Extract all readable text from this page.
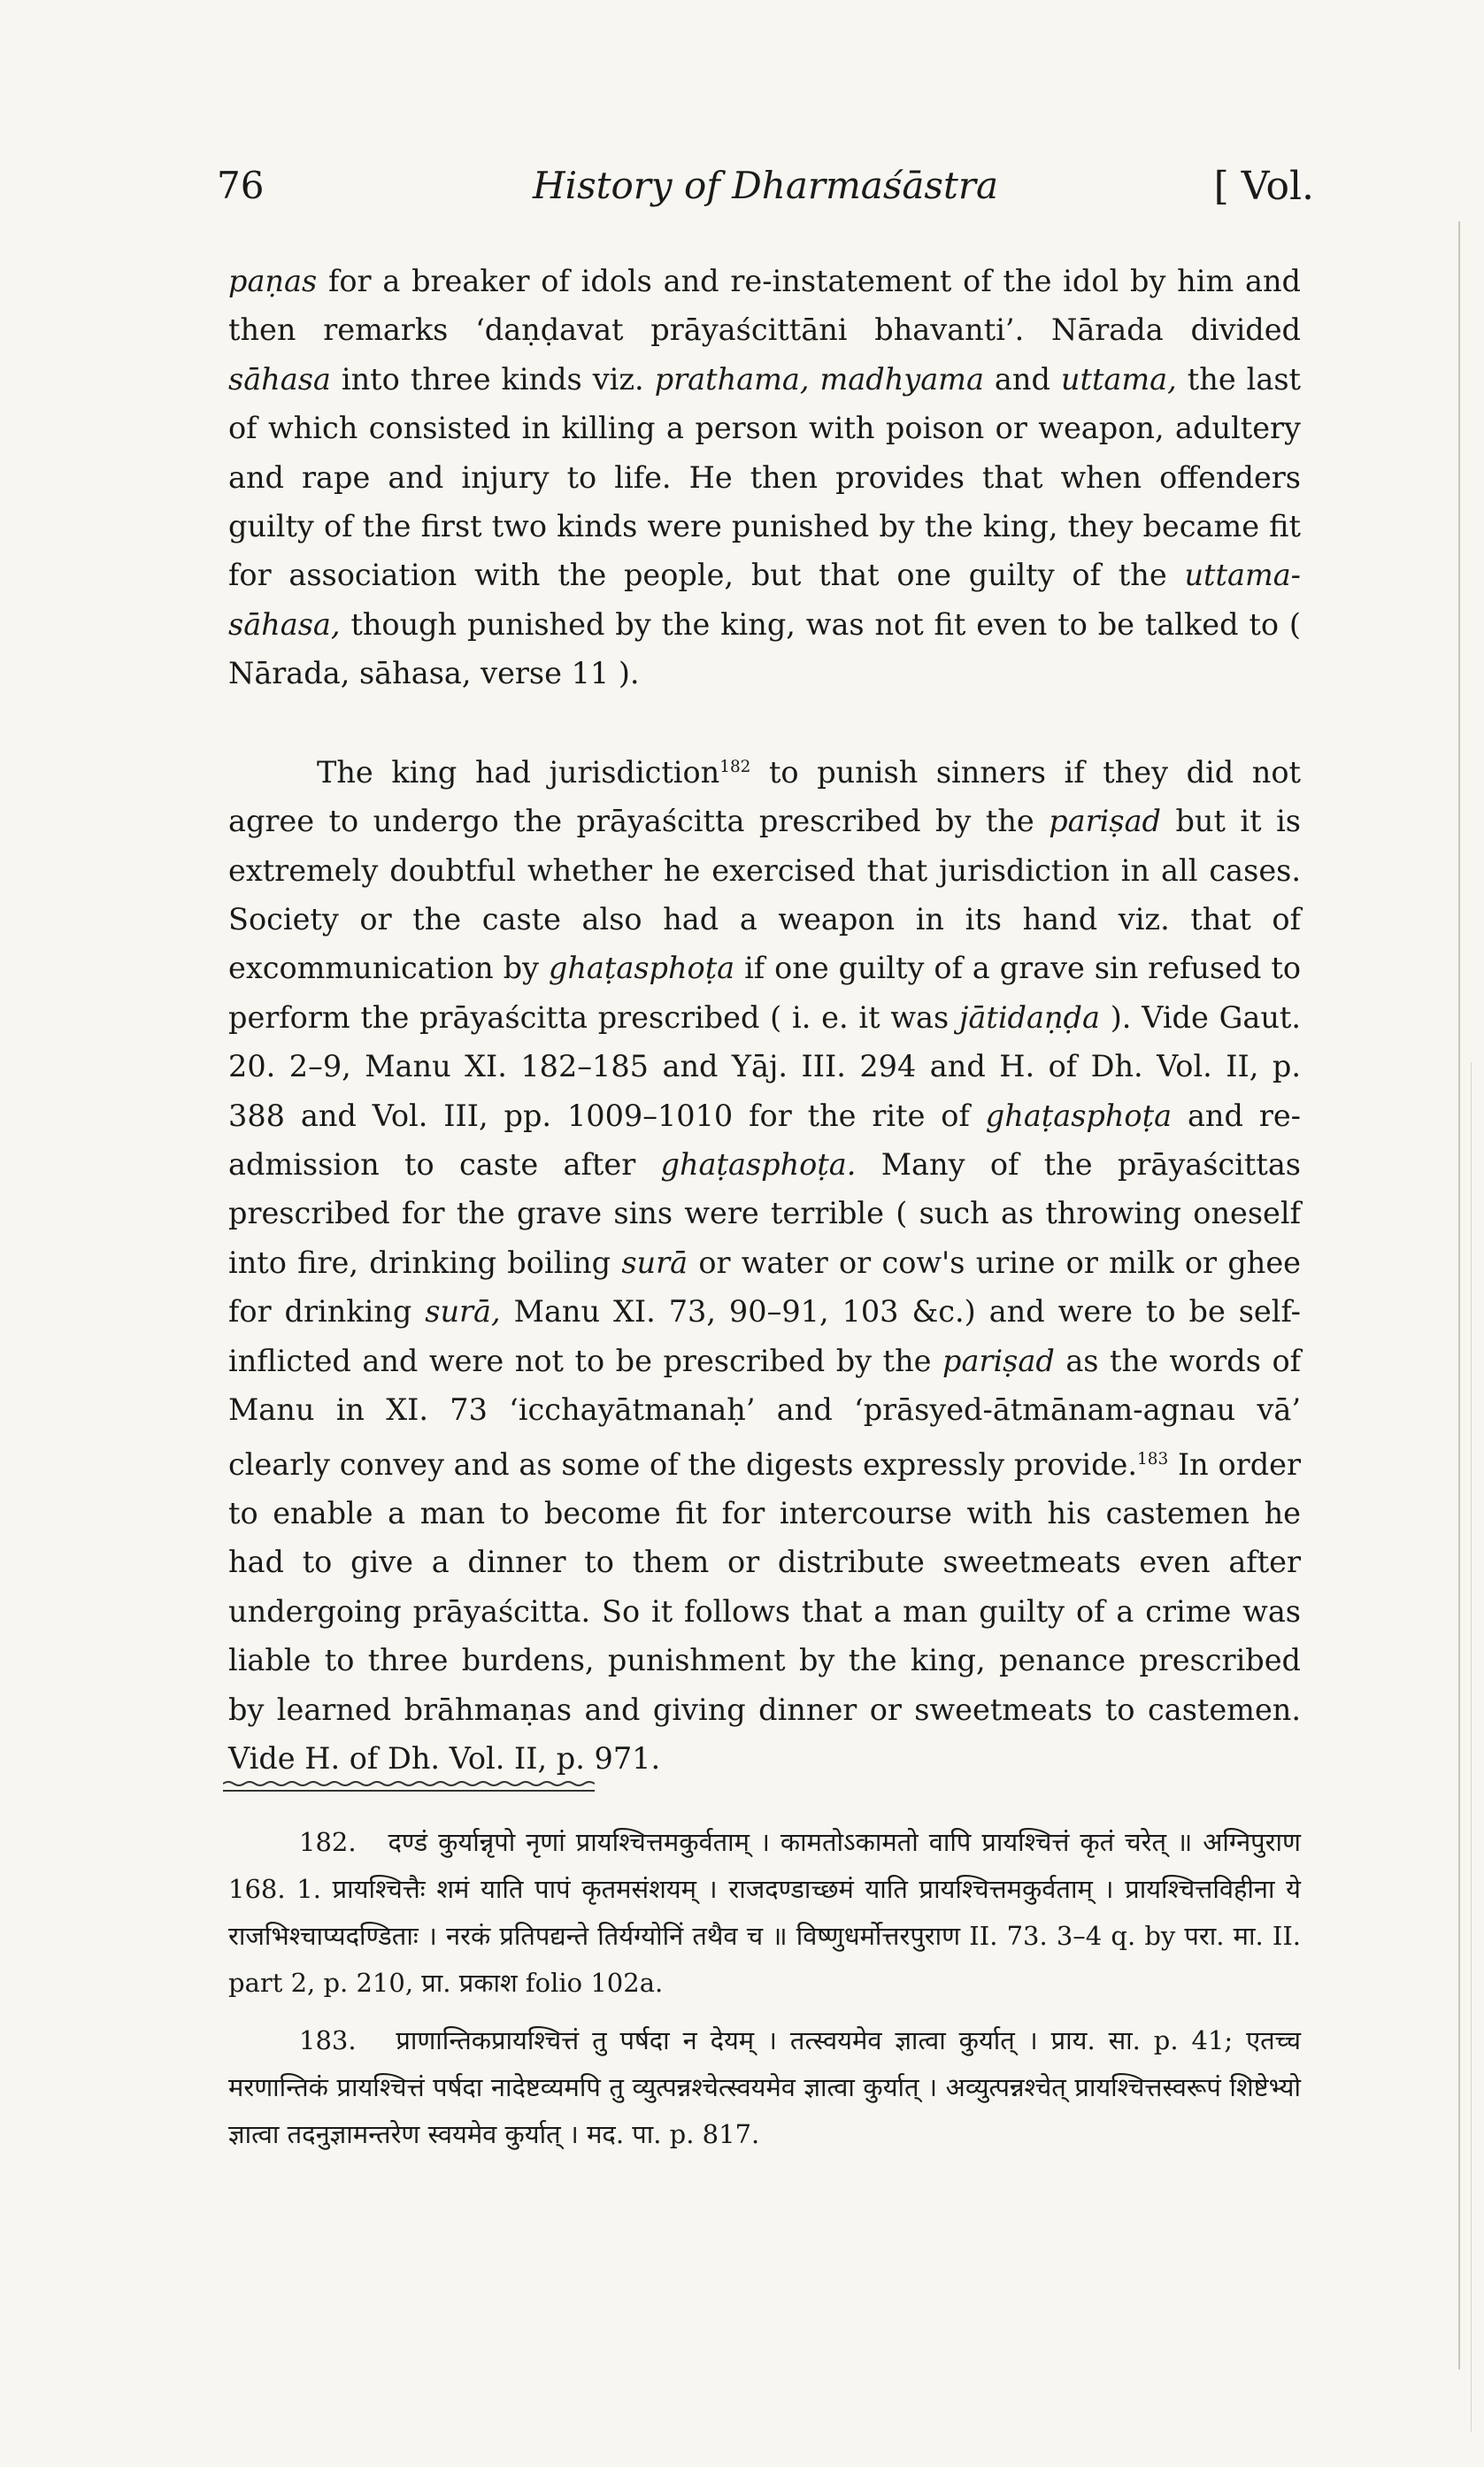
76	History of Dharmaśāstra	[ Vol.

paṇas for a breaker of idols and re-instatement of the idol by him and then remarks ‘daṇḍavat prāyaścittāni bhavanti’. Nārada divided sāhasa into three kinds viz. prathama, madhyama and uttama, the last of which consisted in killing a person with poison or weapon, adultery and rape and injury to life. He then provides that when offenders guilty of the first two kinds were punished by the king, they became fit for association with the people, but that one guilty of the uttama-sāhasa, though punished by the king, was not fit even to be talked to ( Nārada, sāhasa, verse 11 ).

The king had jurisdiction$^{182}$ to punish sinners if they did not agree to undergo the prāyaścitta prescribed by the pariṣad but it is extremely doubtful whether he exercised that jurisdiction in all cases. Society or the caste also had a weapon in its hand viz. that of excommunication by ghaṭasphoṭa if one guilty of a grave sin refused to perform the prāyaścitta prescribed ( i. e. it was jātidaṇḍa ). Vide Gaut. 20. 2–9, Manu XI. 182–185 and Yāj. III. 294 and H. of Dh. Vol. II, p. 388 and Vol. III, pp. 1009–1010 for the rite of ghaṭasphoṭa and re-admission to caste after ghaṭasphoṭa. Many of the prāyaścittas prescribed for the grave sins were terrible ( such as throwing oneself into fire, drinking boiling surā or water or cow's urine or milk or ghee for drinking surā, Manu XI. 73, 90–91, 103 &c.) and were to be self-inflicted and were not to be prescribed by the pariṣad as the words of Manu in XI. 73 ‘icchayātmanaḥ’ and ‘prāsyed-ātmānam-agnau vā’ clearly convey and as some of the digests expressly provide.$^{183}$ In order to enable a man to become fit for intercourse with his castemen he had to give a dinner to them or distribute sweetmeats even after undergoing prāyaścitta. So it follows that a man guilty of a crime was liable to three burdens, punishment by the king, penance prescribed by learned brāhmaṇas and giving dinner or sweetmeats to castemen. Vide H. of Dh. Vol. II, p. 971.

182. दण्डं कुर्यान्नृपो नृणां प्रायश्चित्तमकुर्वताम् । कामतोऽकामतो वापि प्रायश्चित्तं कृतं चरेत् ॥ अग्निपुराण 168. 1. प्रायश्चित्तैः शमं याति पापं कृतमसंशयम् । राजदण्डाच्छमं याति प्रायश्चित्तमकुर्वताम् । प्रायश्चित्तविहीना ये राजभिश्चाप्यदण्डिताः । नरकं प्रतिपद्यन्ते तिर्यग्योनिं तथैव च ॥ विष्णुधर्मोत्तरपुराण II. 73. 3–4 q. by परा. मा. II. part 2, p. 210, प्रा. प्रकाश folio 102a.

183. प्राणान्तिकप्रायश्चित्तं तु पर्षदा न देयम् । तत्स्वयमेव ज्ञात्वा कुर्यात् । प्राय. सा. p. 41; एतच्च मरणान्तिकं प्रायश्चित्तं पर्षदा नादेष्टव्यमपि तु व्युत्पन्नश्चेत्स्वयमेव ज्ञात्वा कुर्यात् । अव्युत्पन्नश्चेत् प्रायश्चित्तस्वरूपं शिष्टेभ्यो ज्ञात्वा तदनुज्ञामन्तरेण स्वयमेव कुर्यात् । मद. पा. p. 817.
